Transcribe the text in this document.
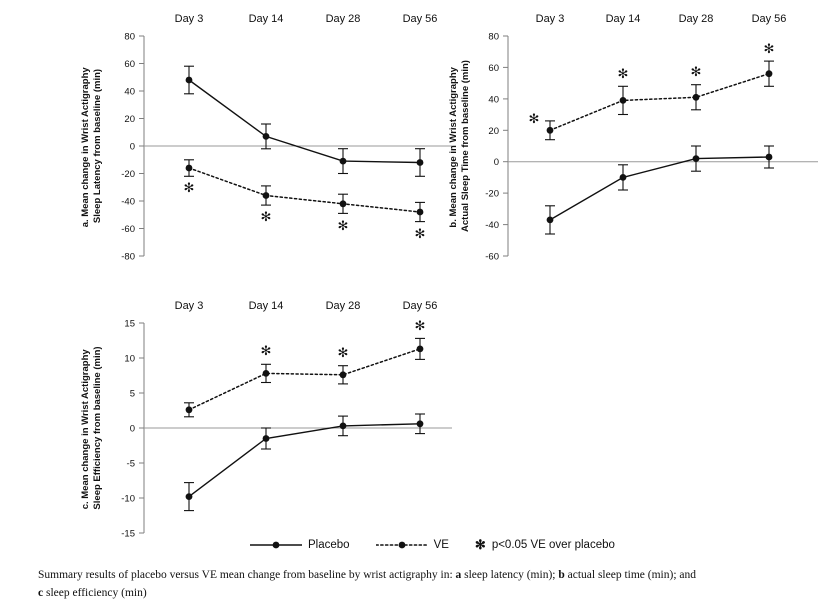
Day 3	Day 14	Day 28	Day 56
80
60
40
20
0
-20
-40
-60
-80
✻
✻
✻
✻
a. Mean change in Wrist Actigraphy Sleep Latency from baseline (min)
Day 3	Day 14	Day 28	Day 56
80
60
40
20
0
-20
-40
-60
✻
✻	✻
✻
b. Mean change in Wrist Actigraphy Actual Sleep Time from baseline (min)
Day 3	Day 14	Day 28	Day 56
15
10
5
0
-5
-10
-15
✻	✻
✻
c. Mean change in Wrist Actigraphy Sleep Efficiency from baseline (min)
Placebo	VE ✻ p<0.05 VE over placebo
Summary results of placebo versus VE mean change from baseline by wrist actigraphy in: a sleep latency (min); b actual sleep time (min); and c sleep efficiency (min)
